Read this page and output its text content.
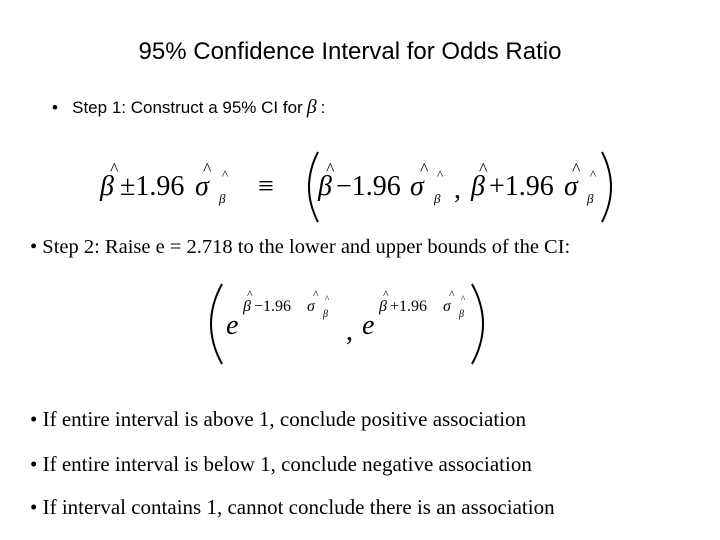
95% Confidence Interval for Odds Ratio
• Step 1: Construct a 95% CI for β :
^
β ±1.96
^
σ ^
β ≡
^
β −1.96
^
σ ^
β ,
^
β +1.96
^
σ ^
β
• Step 2: Raise e = 2.718 to the lower and upper bounds of the CI:
e
^
β −1.96
^
σ ^
β
, e
^
β +1.96
^
σ ^
β
• If entire interval is above 1, conclude positive association
• If entire interval is below 1, conclude negative association
• If interval contains 1, cannot conclude there is an association
